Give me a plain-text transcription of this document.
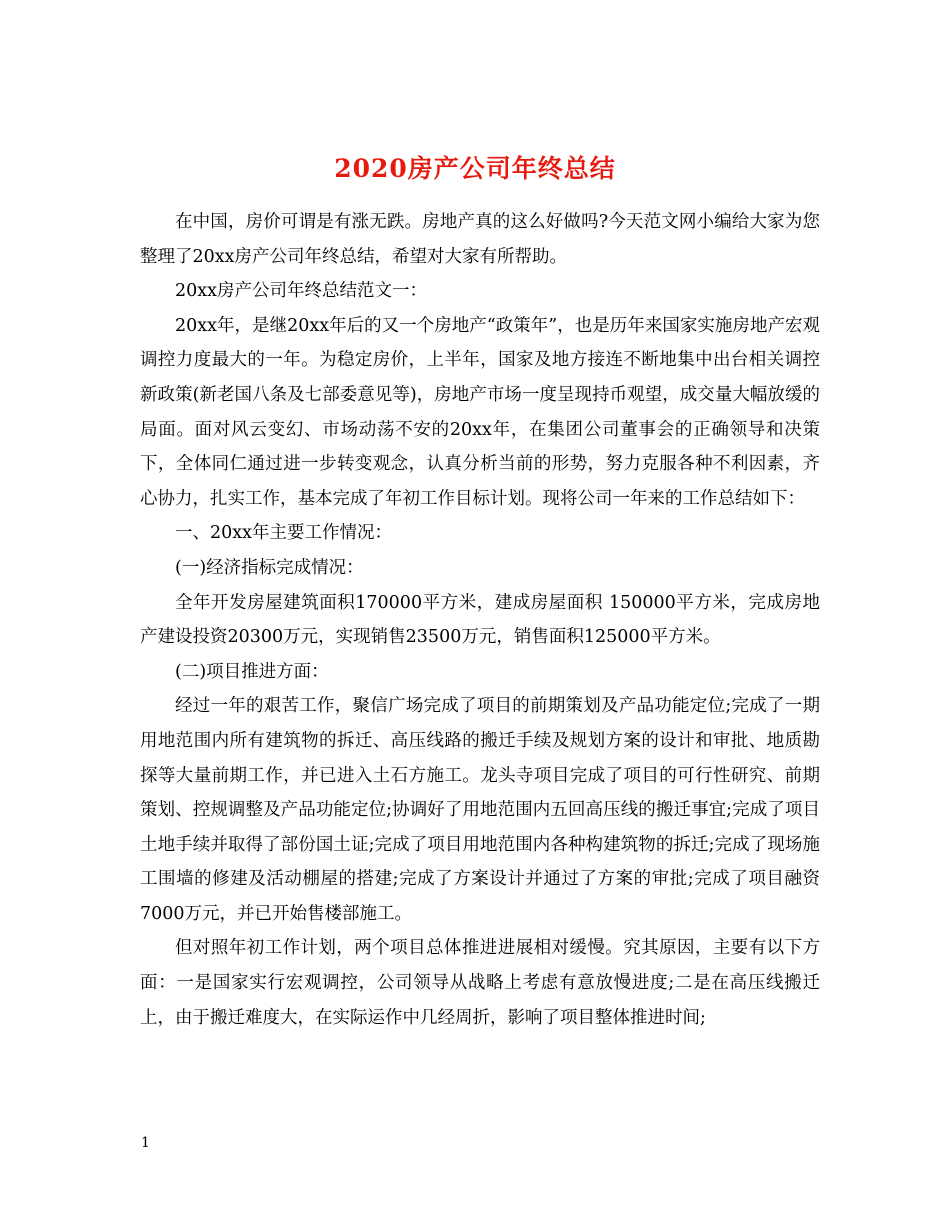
2020房产公司年终总结

在中国，房价可谓是有涨无跌。房地产真的这么好做吗?今天范文网小编给大家为您整理了20xx房产公司年终总结，希望对大家有所帮助。

20xx房产公司年终总结范文一：

20xx年，是继20xx年后的又一个房地产“政策年”，也是历年来国家实施房地产宏观调控力度最大的一年。为稳定房价，上半年，国家及地方接连不断地集中出台相关调控新政策(新老国八条及七部委意见等)，房地产市场一度呈现持币观望，成交量大幅放缓的局面。面对风云变幻、市场动荡不安的20xx年，在集团公司董事会的正确领导和决策下，全体同仁通过进一步转变观念，认真分析当前的形势，努力克服各种不利因素，齐心协力，扎实工作，基本完成了年初工作目标计划。现将公司一年来的工作总结如下：

一、20xx年主要工作情况：

(一)经济指标完成情况：

全年开发房屋建筑面积170000平方米，建成房屋面积 150000平方米，完成房地产建设投资20300万元，实现销售23500万元，销售面积125000平方米。

(二)项目推进方面：

经过一年的艰苦工作，聚信广场完成了项目的前期策划及产品功能定位;完成了一期用地范围内所有建筑物的拆迁、高压线路的搬迁手续及规划方案的设计和审批、地质勘探等大量前期工作，并已进入土石方施工。龙头寺项目完成了项目的可行性研究、前期策划、控规调整及产品功能定位;协调好了用地范围内五回高压线的搬迁事宜;完成了项目土地手续并取得了部份国土证;完成了项目用地范围内各种构建筑物的拆迁;完成了现场施工围墙的修建及活动棚屋的搭建;完成了方案设计并通过了方案的审批;完成了项目融资7000万元，并已开始售楼部施工。

但对照年初工作计划，两个项目总体推进进展相对缓慢。究其原因，主要有以下方面：一是国家实行宏观调控，公司领导从战略上考虑有意放慢进度;二是在高压线搬迁上，由于搬迁难度大，在实际运作中几经周折，影响了项目整体推进时间;

1
